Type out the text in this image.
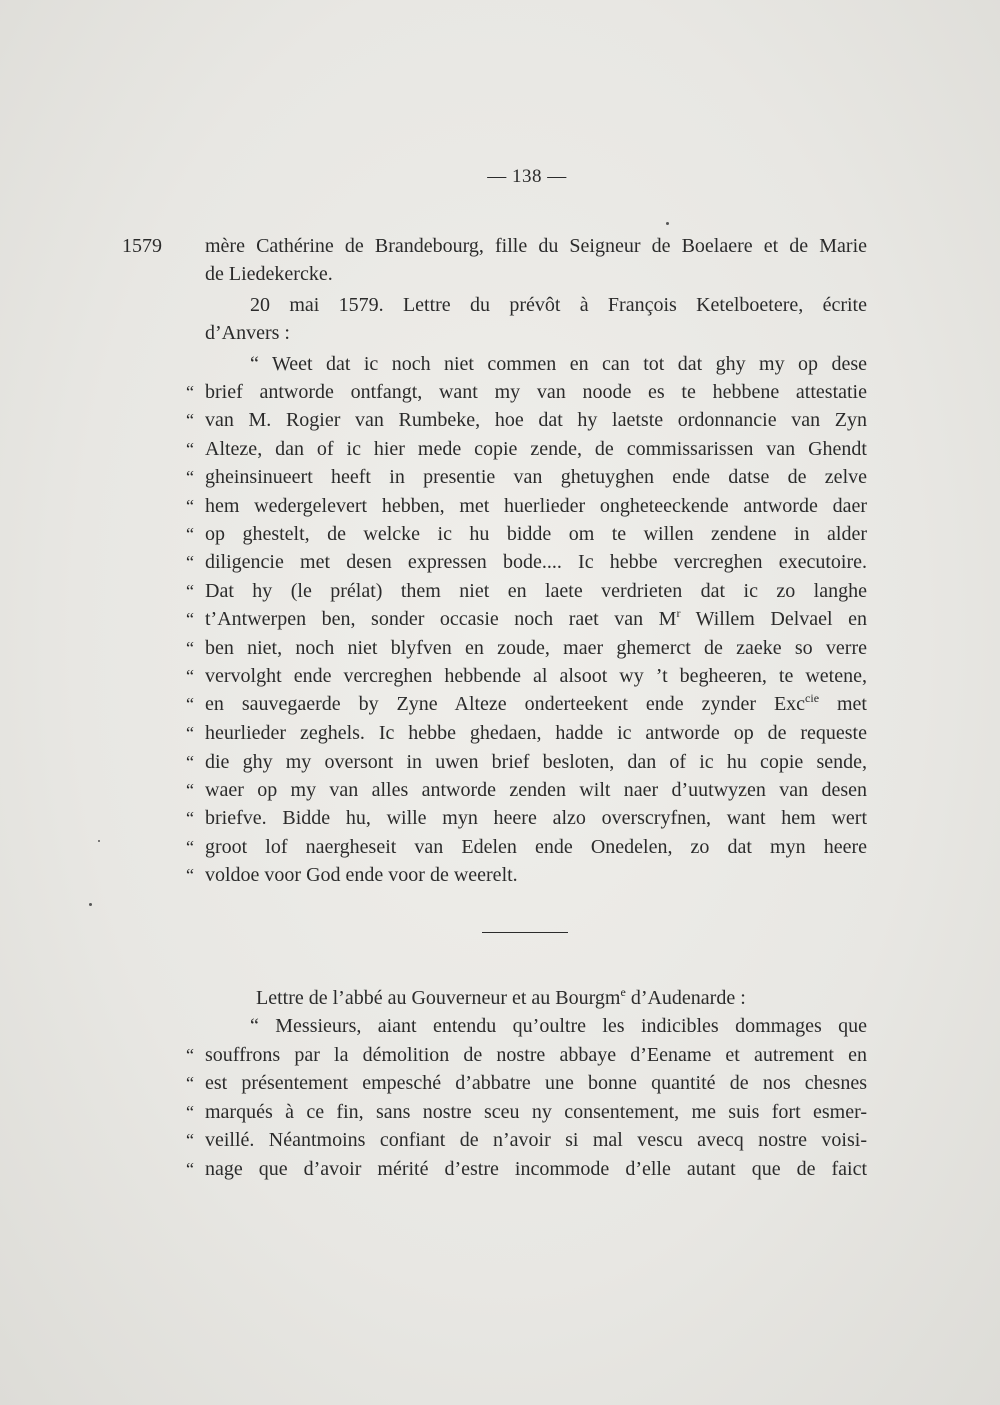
— 138 —
1579 mère Cathérine de Brandebourg, fille du Seigneur de Boelaere et de Marie
de Liedekercke.
20 mai 1579. Lettre du prévôt à François Ketelboetere, écrite
d’Anvers :
“ Weet dat ic noch niet commen en can tot dat ghy my op dese
“ brief antworde ontfangt, want my van noode es te hebbene attestatie
“ van M. Rogier van Rumbeke, hoe dat hy laetste ordonnancie van Zyn
“ Alteze, dan of ic hier mede copie zende, de commissarissen van Ghendt
“ gheinsinueert heeft in presentie van ghetuyghen ende datse de zelve
“ hem wedergelevert hebben, met huerlieder ongheteeckende antworde daer
“ op ghestelt, de welcke ic hu bidde om te willen zendene in alder
“ diligencie met desen expressen bode.... Ic hebbe vercreghen executoire.
“ Dat hy (le prélat) them niet en laete verdrieten dat ic zo langhe
“ t’Antwerpen ben, sonder occasie noch raet van $M^r$ Willem Delvael en
“ ben niet, noch niet blyfven en zoude, maer ghemerct de zaeke so verre
“ vervolght ende vercreghen hebbende al alsoot wy ’t begheeren, te wetene,
“ en sauvegaerde by Zyne Alteze onderteekent ende zynder Exc$^{cie}$ met
“ heurlieder zeghels. Ic hebbe ghedaen, hadde ic antworde op de requeste
“ die ghy my oversont in uwen brief besloten, dan of ic hu copie sende,
“ waer op my van alles antworde zenden wilt naer d’uutwyzen van desen
“ briefve. Bidde hu, wille myn heere alzo overscryfnen, want hem wert
“ groot lof naergheseit van Edelen ende Onedelen, zo dat myn heere
“ voldoe voor God ende voor de weerelt.
Lettre de l’abbé au Gouverneur et au Bourgm$^e$ d’Audenarde :
“ Messieurs, aiant entendu qu’oultre les indicibles dommages que
“ souffrons par la démolition de nostre abbaye d’Eename et autrement en
“ est présentement empesché d’abbatre une bonne quantité de nos chesnes
“ marqués à ce fin, sans nostre sceu ny consentement, me suis fort esmer-
“ veillé. Néantmoins confiant de n’avoir si mal vescu avecq nostre voisi-
“ nage que d’avoir mérité d’estre incommode d’elle autant que de faict
